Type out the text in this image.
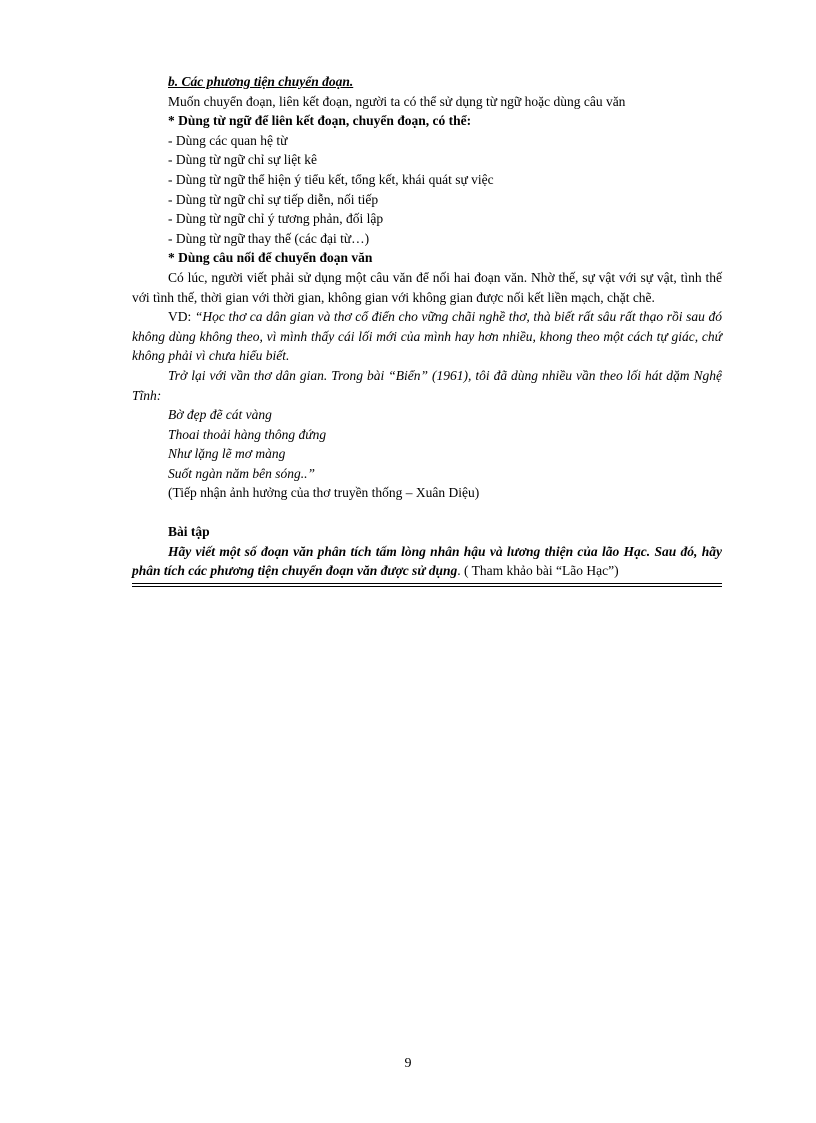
b. Các phương tiện chuyển đoạn.
Muốn chuyển đoạn, liên kết đoạn, người ta có thể sử dụng từ ngữ hoặc dùng câu văn
* Dùng từ ngữ để liên kết đoạn, chuyển đoạn, có thể:
- Dùng các quan hệ từ
- Dùng từ ngữ chỉ sự liệt kê
- Dùng từ ngữ thể hiện ý tiểu kết, tổng kết, khái quát sự việc
- Dùng từ ngữ chỉ sự tiếp diễn, nối tiếp
- Dùng từ ngữ chỉ ý tương phản, đối lập
- Dùng từ ngữ thay thế (các đại từ…)
* Dùng câu nối để chuyển đoạn văn
Có lúc, người viết phải sử dụng một câu văn để nối hai đoạn văn. Nhờ thế, sự vật với sự vật, tình thế với tình thế, thời gian với thời gian, không gian với không gian được nối kết liền mạch, chặt chẽ.
VD: “Học thơ ca dân gian và thơ cổ điển cho vững chãi nghề thơ, thà biết rất sâu rất thạo rồi sau đó không dùng không theo, vì mình thấy cái lối mới của mình hay hơn nhiều, khong theo một cách tự giác, chứ không phải vì chưa hiểu biết.
Trở lại với vần thơ dân gian. Trong bài “Biển” (1961), tôi đã dùng nhiều vần theo lối hát dặm Nghệ Tĩnh:
Bờ đẹp đẽ cát vàng
Thoai thoải hàng thông đứng
Như lặng lẽ mơ màng
Suốt ngàn năm bên sóng..”
(Tiếp nhận ảnh hưởng của thơ truyền thống – Xuân Diệu)
Bài tập
Hãy viết một số đoạn văn phân tích tấm lòng nhân hậu và lương thiện của lão Hạc. Sau đó, hãy phân tích các phương tiện chuyển đoạn văn được sử dụng. ( Tham khảo bài “Lão Hạc”)
9
